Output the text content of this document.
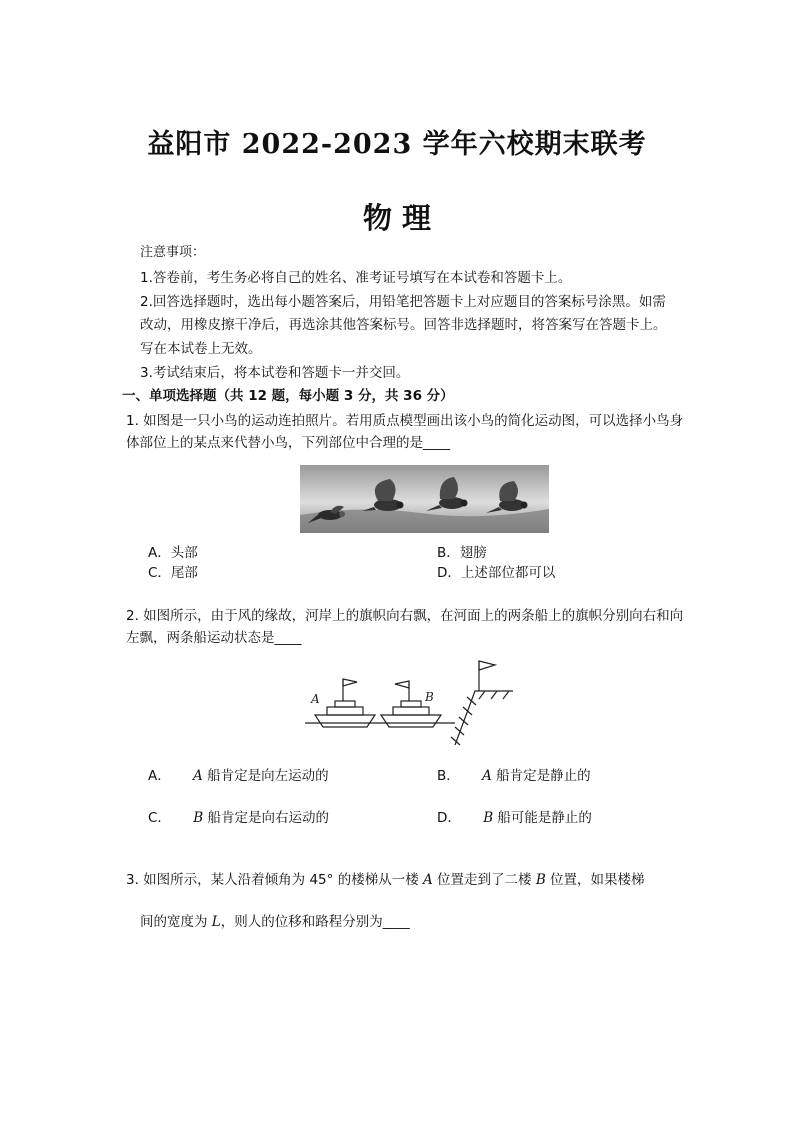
益阳市 2022-2023 学年六校期末联考
物 理
注意事项：
1.答卷前，考生务必将自己的姓名、准考证号填写在本试卷和答题卡上。
2.回答选择题时，选出每小题答案后，用铅笔把答题卡上对应题目的答案标号涂黑。如需
改动，用橡皮擦干净后，再选涂其他答案标号。回答非选择题时，将答案写在答题卡上。
写在本试卷上无效。
3.考试结束后，将本试卷和答题卡一并交回。
一、单项选择题（共 12 题，每小题 3 分，共 36 分）
1. 如图是一只小鸟的运动连拍照片。若用质点模型画出该小鸟的简化运动图，可以选择小鸟身体部位上的某点来代替小鸟，下列部位中合理的是____
A．头部	B．翅膀
C．尾部	D．上述部位都可以
2. 如图所示，由于风的缘故，河岸上的旗帜向右飘，在河面上的两条船上的旗帜分别向右和向左飘，两条船运动状态是____
A	B
A． A 船肯定是向左运动的	B． A 船肯定是静止的
C． B 船肯定是向右运动的	D． B 船可能是静止的
3. 如图所示，某人沿着倾角为 45° 的楼梯从一楼 A 位置走到了二楼 B 位置，如果楼梯
间的宽度为 L，则人的位移和路程分别为____
